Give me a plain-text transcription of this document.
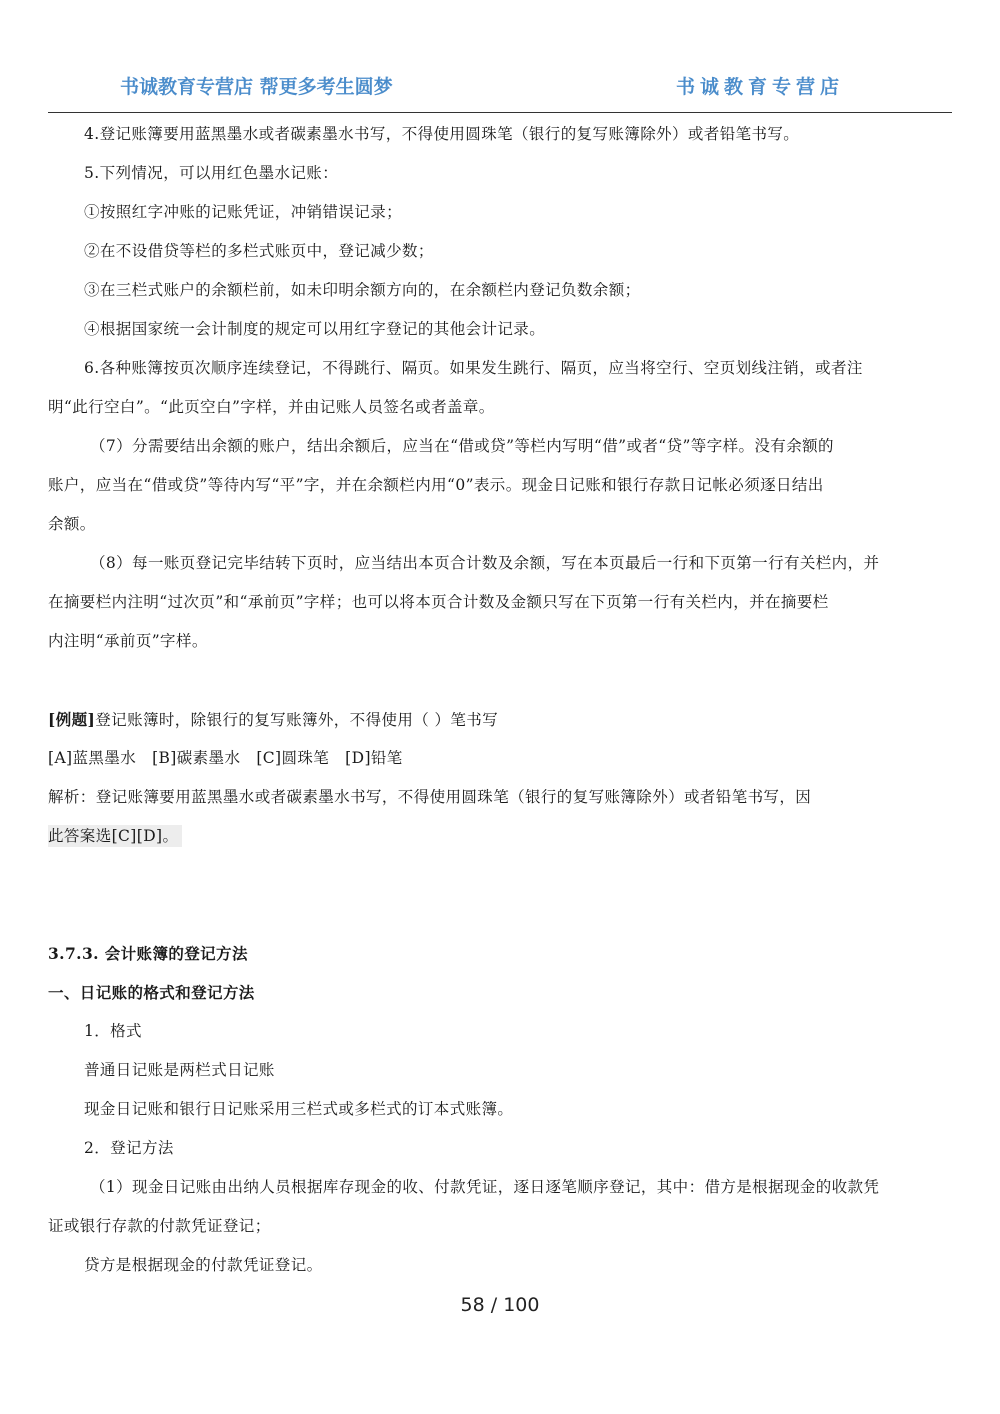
书诚教育专营店 帮更多考生圆梦	书诚教育专营店
4.登记账簿要用蓝黑墨水或者碳素墨水书写，不得使用圆珠笔（银行的复写账簿除外）或者铅笔书写。
5.下列情况，可以用红色墨水记账：
①按照红字冲账的记账凭证，冲销错误记录；
②在不设借贷等栏的多栏式账页中，登记减少数；
③在三栏式账户的余额栏前，如未印明余额方向的，在余额栏内登记负数余额；
④根据国家统一会计制度的规定可以用红字登记的其他会计记录。
6.各种账簿按页次顺序连续登记，不得跳行、隔页。如果发生跳行、隔页，应当将空行、空页划线注销，或者注
明“此行空白”。“此页空白”字样，并由记账人员签名或者盖章。
（7）分需要结出余额的账户，结出余额后，应当在“借或贷”等栏内写明“借”或者“贷”等字样。没有余额的
账户，应当在“借或贷”等待内写“平”字，并在余额栏内用“0”表示。现金日记账和银行存款日记帐必须逐日结出
余额。
（8）每一账页登记完毕结转下页时，应当结出本页合计数及余额，写在本页最后一行和下页第一行有关栏内，并
在摘要栏内注明“过次页”和“承前页”字样；也可以将本页合计数及金额只写在下页第一行有关栏内，并在摘要栏
内注明“承前页”字样。
[例题]登记账簿时，除银行的复写账簿外，不得使用（ ）笔书写
[A]蓝黑墨水   [B]碳素墨水   [C]圆珠笔   [D]铅笔
解析：登记账簿要用蓝黑墨水或者碳素墨水书写，不得使用圆珠笔（银行的复写账簿除外）或者铅笔书写，因
此答案选[C][D]。
3.7.3. 会计账簿的登记方法
一、日记账的格式和登记方法
1．格式
普通日记账是两栏式日记账
现金日记账和银行日记账采用三栏式或多栏式的订本式账簿。
2．登记方法
（1）现金日记账由出纳人员根据库存现金的收、付款凭证，逐日逐笔顺序登记，其中：借方是根据现金的收款凭
证或银行存款的付款凭证登记；
贷方是根据现金的付款凭证登记。
58 / 100
